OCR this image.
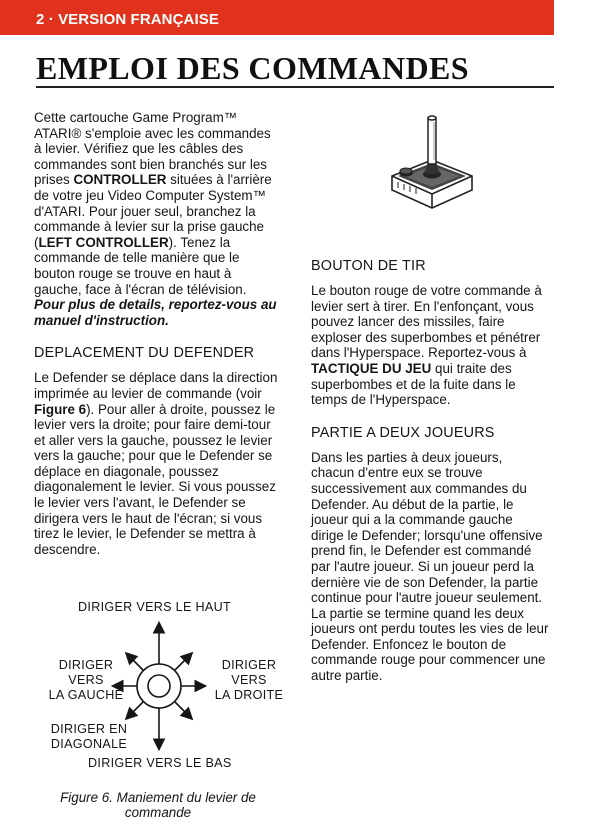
2 · VERSION FRANÇAISE
EMPLOI DES COMMANDES

Cette cartouche Game Program™ ATARI® s'emploie avec les commandes à levier. Vérifiez que les câbles des commandes sont bien branchés sur les prises CONTROLLER situées à l'arrière de votre jeu Video Computer System™ d'ATARI. Pour jouer seul, branchez la commande à levier sur la prise gauche (LEFT CONTROLLER). Tenez la commande de telle manière que le bouton rouge se trouve en haut à gauche, face à l'écran de télévision.

Pour plus de details, reportez-vous au manuel d'instruction.

DEPLACEMENT DU DEFENDER

Le Defender se déplace dans la direction imprimée au levier de commande (voir Figure 6). Pour aller à droite, poussez le levier vers la droite; pour faire demi-tour et aller vers la gauche, poussez le levier vers la gauche; pour que le Defender se déplace en diagonale, poussez diagonalement le levier. Si vous poussez le levier vers l'avant, le Defender se dirigera vers le haut de l'écran; si vous tirez le levier, le Defender se mettra à descendre.

DIRIGER VERS LE HAUT
DIRIGER
VERS
LA GAUCHE
DIRIGER
VERS
LA DROITE
DIRIGER EN
DIAGONALE
DIRIGER VERS LE BAS
Figure 6. Maniement du levier de commande
BOUTON DE TIR

Le bouton rouge de votre commande à levier sert à tirer. En l'enfonçant, vous pouvez lancer des missiles, faire exploser des superbombes et pénétrer dans l'Hyperspace. Reportez-vous à TACTIQUE DU JEU qui traite des superbombes et de la fuite dans le temps de l'Hyperspace.

PARTIE A DEUX JOUEURS

Dans les parties à deux joueurs, chacun d'entre eux se trouve successivement aux commandes du Defender. Au début de la partie, le joueur qui a la commande gauche dirige le Defender; lorsqu'une offensive prend fin, le Defender est commandé par l'autre joueur. Si un joueur perd la dernière vie de son Defender, la partie continue pour l'autre joueur seulement. La partie se termine quand les deux joueurs ont perdu toutes les vies de leur Defender. Enfoncez le bouton de commande rouge pour commencer une autre partie.
